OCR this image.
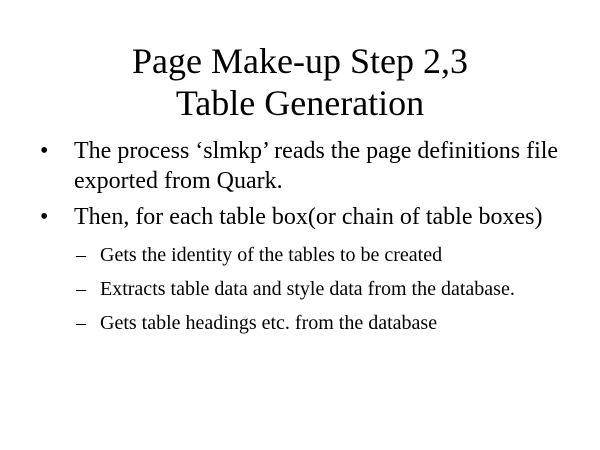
Page Make-up Step 2,3
Table Generation
• The process ‘slmkp’ reads the page definitions file exported from Quark.
• Then, for each table box(or chain of table boxes)
– Gets the identity of the tables to be created
– Extracts table data and style data from the database.
– Gets table headings etc. from the database
